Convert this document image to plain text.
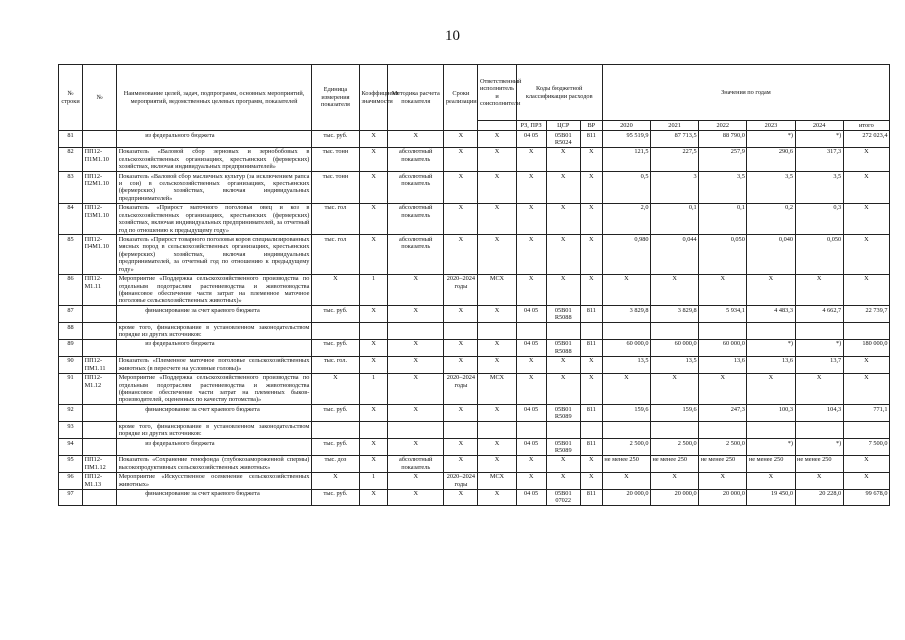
10
№ строки	№	Наименование целей, задач, подпрограмм, основных мероприятий, мероприятий, ведомственных целевых программ, показателей	Единица измерения показателя	Коэффициент значимости	Методика расчета показателя	Сроки реализации	Ответственный исполнитель и соисполнители	Коды бюджетной классификации расходов			Значения по годам					
								РЗ, ПРЗ	ЦСР	ВР	2020	2021	2022	2023	2024	итого
81		из федерального бюджета	тыс. руб.	X	X	X	X	04 05	05В01 R5024	811	95 519,9	87 713,5	88 790,0	*)	*)	272 023,4
82	ПП12-П1М1.10	Показатель «Валовой сбор зерновых и зернобобовых в сельскохозяйственных организациях, крестьянских (фермерских) хозяйствах, включая индивидуальных предпринимателей»	тыс. тонн	X	абсолютный показатель	X	X	X	X	X	121,5	227,5	257,9	290,6	317,3	X
83	ПП12-П2М1.10	Показатель «Валовой сбор масличных культур (за исключением рапса и сои) в сельскохозяйственных организациях, крестьянских (фермерских) хозяйствах, включая индивидуальных предпринимателей»	тыс. тонн	X	абсолютный показатель	X	X	X	X	X	0,5	3	3,5	3,5	3,5	X
84	ПП12-П3М1.10	Показатель «Прирост маточного поголовья овец и коз в сельскохозяйственных организациях, крестьянских (фермерских) хозяйствах, включая индивидуальных предпринимателей, за отчетный год по отношению к предыдущему году»	тыс. гол	X	абсолютный показатель	X	X	X	X	X	2,0	0,1	0,1	0,2	0,3	X
85	ПП12-П4М1.10	Показатель «Прирост товарного поголовья коров специализированных мясных пород в сельскохозяйственных организациях, крестьянских (фермерских) хозяйствах, включая индивидуальных предпринимателей, за отчетный год по отношению к предыдущему году»	тыс. гол	X	абсолютный показатель	X	X	X	X	X	0,980	0,044	0,050	0,040	0,050	X
86	ПП12-М1.11	Мероприятие «Поддержка сельскохозяйственного производства по отдельным подотраслям растениеводства и животноводства (финансовое обеспечение части затрат на племенное маточное поголовье сельскохозяйственных животных)»	X	1	X	2020–2024 годы	МСХ	X	X	X	X	X	X	X	X	X
87		финансирование за счет краевого бюджета	тыс. руб.	X	X	X	X	04 05	05В01 R5088	811	3 829,8	3 829,8	5 934,1	4 483,3	4 662,7	22 739,7
88		кроме того, финансирование в установленном законодательством порядке из других источников:														
89		из федерального бюджета	тыс. руб.	X	X	X	X	04 05	05В01 R5088	811	60 000,0	60 000,0	60 000,0	*)	*)	180 000,0
90	ПП12-ПМ1.11	Показатель «Племенное маточное поголовье сельскохозяйственных животных (в пересчете на условные головы)»	тыс. гол.	X	X	X	X	X	X	X	13,5	13,5	13,6	13,6	13,7	X
91	ПП12-М1.12	Мероприятие «Поддержка сельскохозяйственного производства по отдельным подотраслям растениеводства и животноводства (финансовое обеспечение части затрат на племенных быков-производителей, оцененных по качеству потомства)»	X	1	X	2020–2024 годы	МСХ	X	X	X	X	X	X	X	X	X
92		финансирование за счет краевого бюджета	тыс. руб.	X	X	X	X	04 05	05В01 R5089	811	159,6	159,6	247,3	100,3	104,3	771,1
93		кроме того, финансирование в установленном законодательством порядке из других источников:														
94		из федерального бюджета	тыс. руб.	X	X	X	X	04 05	05В01 R5089	811	2 500,0	2 500,0	2 500,0	*)	*)	7 500,0
95	ПП12-ПМ1.12	Показатель «Сохранение генофонда (глубокозамороженной спермы) высокопродуктивных сельскохозяйственных животных»	тыс. доз	X	абсолютный показатель	X	X	X	X	X	не менее 250	не менее 250	не менее 250	не менее 250	не менее 250	X
96	ПП12-М1.13	Мероприятие «Искусственное осеменение сельскохозяйственных животных»	X	1	X	2020–2024 годы	МСХ	X	X	X	X	X	X	X	X	X
97		финансирование за счет краевого бюджета	тыс. руб.	X	X	X	X	04 05	05В01 07022	811	20 000,0	20 000,0	20 000,0	19 450,0	20 228,0	99 678,0
